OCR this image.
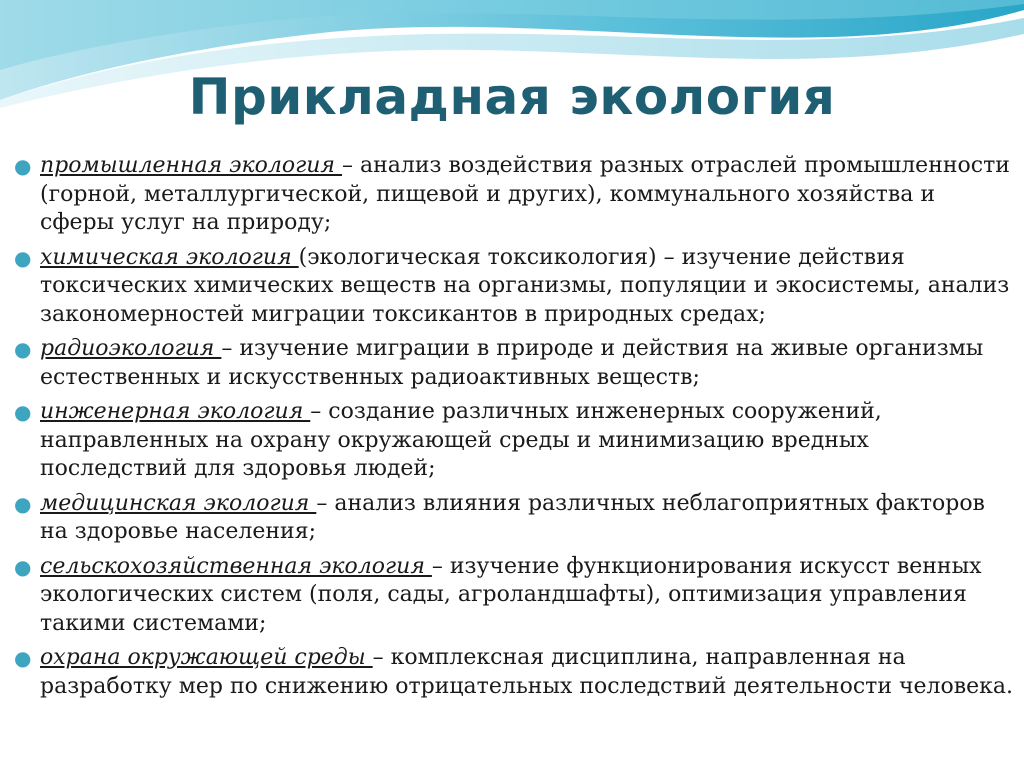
Прикладная экология
● промышленная экология – анализ воздействия разных отраслей промышленности (горной, металлургической, пищевой и других), коммунального хозяйства и сферы услуг на природу;
● химическая экология (экологическая токсикология) – изучение действия токсических химических веществ на организмы, популяции и экосистемы, анализ закономерностей миграции токсикантов в природных средах;
● радиоэкология – изучение миграции в природе и действия на живые организмы естественных и искусственных радиоактивных веществ;
● инженерная экология – создание различных инженерных сооружений, направленных на охрану окружающей среды и минимизацию вредных последствий для здоровья людей;
● медицинская экология – анализ влияния различных неблагоприятных факторов на здоровье населения;
● сельскохозяйственная экология – изучение функционирования искусст венных экологических систем (поля, сады, агроландшафты), оптимизация управления такими системами;
● охрана окружающей среды – комплексная дисциплина, направленная на разработку мер по снижению отрицательных последствий деятельности человека.
